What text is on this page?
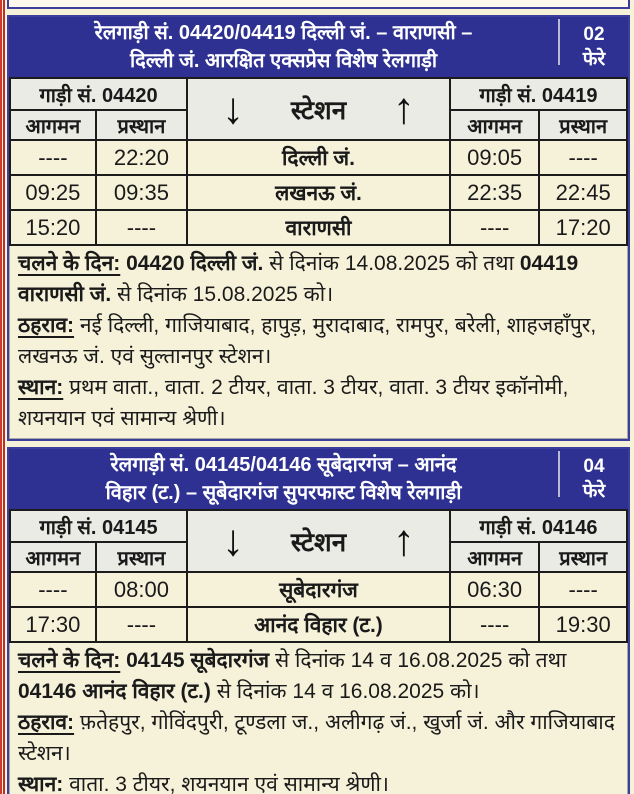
रेलगाड़ी सं. 04420/04419 दिल्ली जं. – वाराणसी –
दिल्ली जं. आरक्षित एक्सप्रेस विशेष रेलगाड़ी
02
फेरे
गाड़ी सं. 04420		↓ स्टेशन ↑	गाड़ी सं. 04419	
आगमन	प्रस्थान		आगमन	प्रस्थान
----	22:20	दिल्ली जं.	09:05	----
09:25	09:35	लखनऊ जं.	22:35	22:45
15:20	----	वाराणसी	----	17:20
चलने के दिन: 04420 दिल्ली जं. से दिनांक 14.08.2025 को तथा 04419 वाराणसी जं. से दिनांक 15.08.2025 को।
ठहराव: नई दिल्ली, गाजियाबाद, हापुड़, मुरादाबाद, रामपुर, बरेली, शाहजहाँपुर, लखनऊ जं. एवं सुल्तानपुर स्टेशन।
स्थान: प्रथम वाता., वाता. 2 टीयर, वाता. 3 टीयर, वाता. 3 टीयर इकॉनोमी, शयनयान एवं सामान्य श्रेणी।
रेलगाड़ी सं. 04145/04146 सूबेदारगंज – आनंद
विहार (ट.) – सूबेदारगंज सुपरफास्ट विशेष रेलगाड़ी
04
फेरे
गाड़ी सं. 04145		↓ स्टेशन ↑	गाड़ी सं. 04146	
आगमन	प्रस्थान		आगमन	प्रस्थान
----	08:00	सूबेदारगंज	06:30	----
17:30	----	आनंद विहार (ट.)	----	19:30
चलने के दिन: 04145 सूबेदारगंज से दिनांक 14 व 16.08.2025 को तथा 04146 आनंद विहार (ट.) से दिनांक 14 व 16.08.2025 को।
ठहराव: फ़तेहपुर, गोविंदपुरी, टूण्डला ज., अलीगढ़ जं., खुर्जा जं. और गाजियाबाद स्टेशन।
स्थान: वाता. 3 टीयर, शयनयान एवं सामान्य श्रेणी।
